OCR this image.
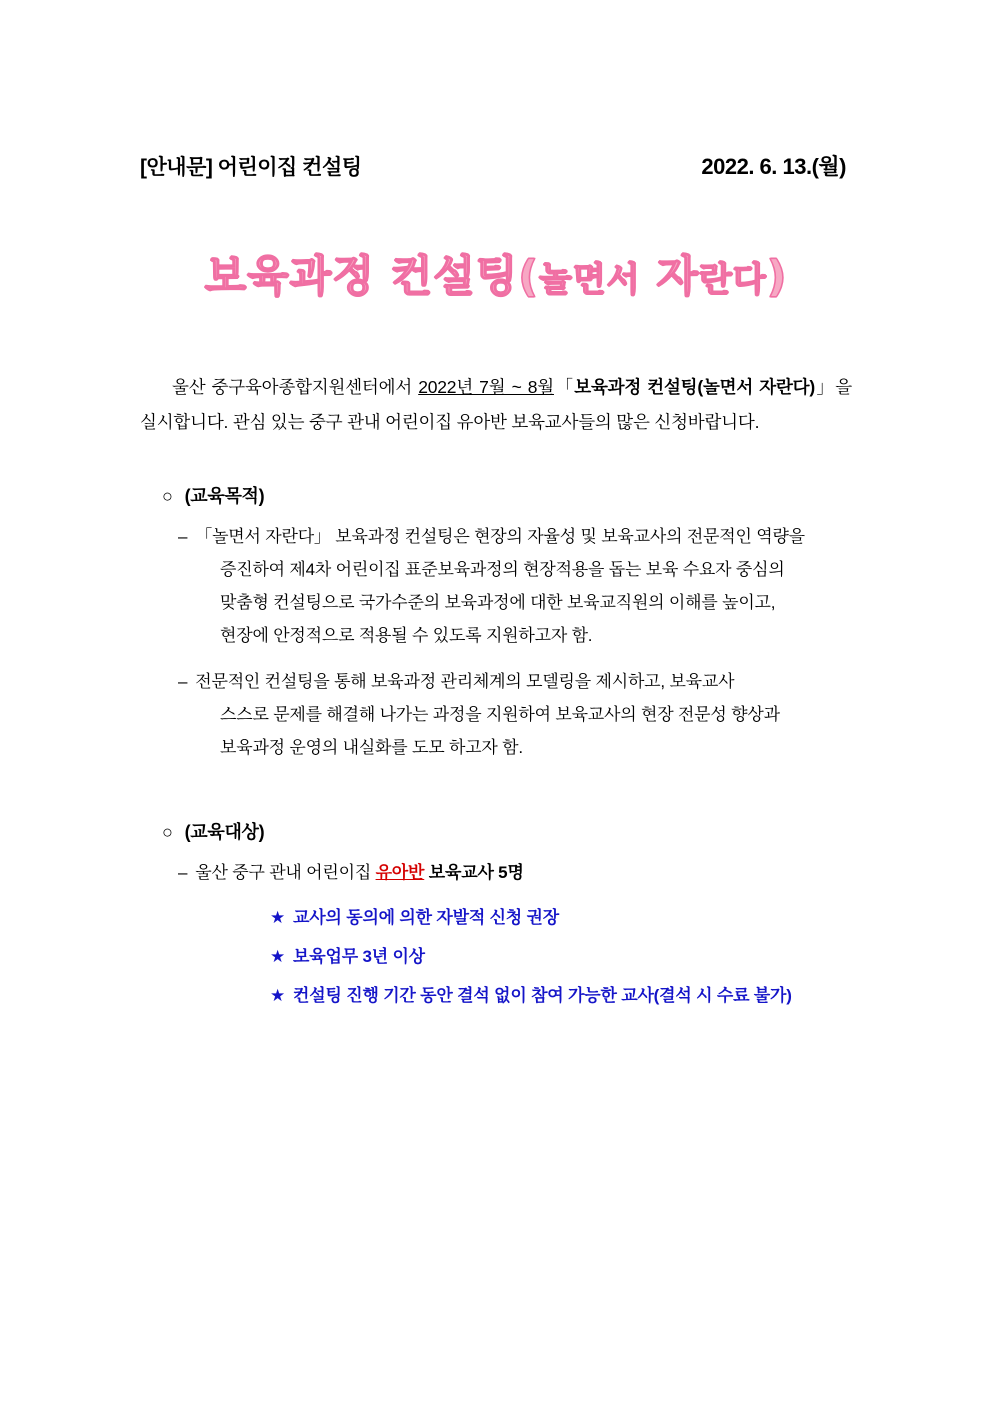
[안내문] 어린이집 컨설팅	2022. 6. 13.(월)
보육과정 컨설팅(놀면서 자란다)

울산 중구육아종합지원센터에서 2022년 7월 ~ 8월「보육과정 컨설팅(놀면서 자란다)」을 실시합니다. 관심 있는 중구 관내 어린이집 유아반 보육교사들의 많은 신청바랍니다.

○ (교육목적)
– 「놀면서 자란다」 보육과정 컨설팅은 현장의 자율성 및 보육교사의 전문적인 역량을
증진하여 제4차 어린이집 표준보육과정의 현장적용을 돕는 보육 수요자 중심의
맞춤형 컨설팅으로 국가수준의 보육과정에 대한 보육교직원의 이해를 높이고,
현장에 안정적으로 적용될 수 있도록 지원하고자 함.
– 전문적인 컨설팅을 통해 보육과정 관리체계의 모델링을 제시하고, 보육교사
스스로 문제를 해결해 나가는 과정을 지원하여 보육교사의 현장 전문성 향상과
보육과정 운영의 내실화를 도모 하고자 함.
○ (교육대상)
– 울산 중구 관내 어린이집 유아반 보육교사 5명
★ 교사의 동의에 의한 자발적 신청 권장
★ 보육업무 3년 이상
★ 컨설팅 진행 기간 동안 결석 없이 참여 가능한 교사(결석 시 수료 불가)
